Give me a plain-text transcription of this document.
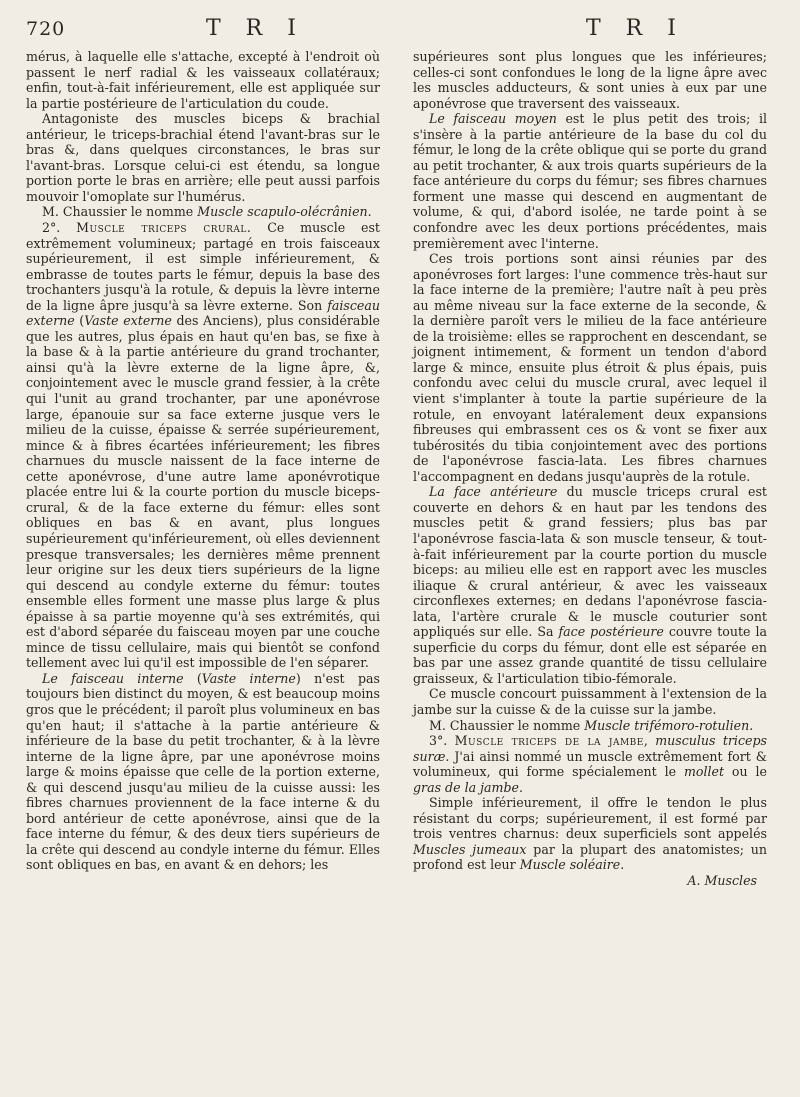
720	T R I	T R I

mérus, à laquelle elle s'attache, excepté à l'endroit où passent le nerf radial & les vaisseaux collatéraux; enfin, tout-à-fait inférieurement, elle est appliquée sur la partie postérieure de l'articulation du coude.

Antagoniste des muscles biceps & brachial antérieur, le triceps-brachial étend l'avant-bras sur le bras &, dans quelques circonstances, le bras sur l'avant-bras. Lorsque celui-ci est étendu, sa longue portion porte le bras en arrière; elle peut aussi parfois mouvoir l'omoplate sur l'humérus.

M. Chaussier le nomme Muscle scapulo-olécrânien.

2°. Muscle triceps crural. Ce muscle est extrêmement volumineux; partagé en trois faisceaux supérieurement, il est simple inférieurement, & embrasse de toutes parts le fémur, depuis la base des trochanters jusqu'à la rotule, & depuis la lèvre interne de la ligne âpre jusqu'à sa lèvre externe. Son faisceau externe (Vaste externe des Anciens), plus considérable que les autres, plus épais en haut qu'en bas, se fixe à la base & à la partie antérieure du grand trochanter, ainsi qu'à la lèvre externe de la ligne âpre, &, conjointement avec le muscle grand fessier, à la crête qui l'unit au grand trochanter, par une aponévrose large, épanouie sur sa face externe jusque vers le milieu de la cuisse, épaisse & serrée supérieurement, mince & à fibres écartées inférieurement; les fibres charnues du muscle naissent de la face interne de cette aponévrose, d'une autre lame aponévrotique placée entre lui & la courte portion du muscle biceps-crural, & de la face externe du fémur: elles sont obliques en bas & en avant, plus longues supérieurement qu'inférieurement, où elles deviennent presque transversales; les dernières même prennent leur origine sur les deux tiers supérieurs de la ligne qui descend au condyle externe du fémur: toutes ensemble elles forment une masse plus large & plus épaisse à sa partie moyenne qu'à ses extrémités, qui est d'abord séparée du faisceau moyen par une couche mince de tissu cellulaire, mais qui bientôt se confond tellement avec lui qu'il est impossible de l'en séparer.

Le faisceau interne (Vaste interne) n'est pas toujours bien distinct du moyen, & est beaucoup moins gros que le précédent; il paroît plus volumineux en bas qu'en haut; il s'attache à la partie antérieure & inférieure de la base du petit trochanter, & à la lèvre interne de la ligne âpre, par une aponévrose moins large & moins épaisse que celle de la portion externe, & qui descend jusqu'au milieu de la cuisse aussi: les fibres charnues proviennent de la face interne & du bord antérieur de cette aponévrose, ainsi que de la face interne du fémur, & des deux tiers supérieurs de la crête qui descend au condyle interne du fémur. Elles sont obliques en bas, en avant & en dehors; les

supérieures sont plus longues que les inférieures; celles-ci sont confondues le long de la ligne âpre avec les muscles adducteurs, & sont unies à eux par une aponévrose que traversent des vaisseaux.

Le faisceau moyen est le plus petit des trois; il s'insère à la partie antérieure de la base du col du fémur, le long de la crête oblique qui se porte du grand au petit trochanter, & aux trois quarts supérieurs de la face antérieure du corps du fémur; ses fibres charnues forment une masse qui descend en augmentant de volume, & qui, d'abord isolée, ne tarde point à se confondre avec les deux portions précédentes, mais premièrement avec l'interne.

Ces trois portions sont ainsi réunies par des aponévroses fort larges: l'une commence très-haut sur la face interne de la première; l'autre naît à peu près au même niveau sur la face externe de la seconde, & la dernière paroît vers le milieu de la face antérieure de la troisième: elles se rapprochent en descendant, se joignent intimement, & forment un tendon d'abord large & mince, ensuite plus étroit & plus épais, puis confondu avec celui du muscle crural, avec lequel il vient s'implanter à toute la partie supérieure de la rotule, en envoyant latéralement deux expansions fibreuses qui embrassent ces os & vont se fixer aux tubérosités du tibia conjointement avec des portions de l'aponévrose fascia-lata. Les fibres charnues l'accompagnent en dedans jusqu'auprès de la rotule.

La face antérieure du muscle triceps crural est couverte en dehors & en haut par les tendons des muscles petit & grand fessiers; plus bas par l'aponévrose fascia-lata & son muscle tenseur, & tout-à-fait inférieurement par la courte portion du muscle biceps: au milieu elle est en rapport avec les muscles iliaque & crural antérieur, & avec les vaisseaux circonflexes externes; en dedans l'aponévrose fascia-lata, l'artère crurale & le muscle couturier sont appliqués sur elle. Sa face postérieure couvre toute la superficie du corps du fémur, dont elle est séparée en bas par une assez grande quantité de tissu cellulaire graisseux, & l'articulation tibio-fémorale.

Ce muscle concourt puissamment à l'extension de la jambe sur la cuisse & de la cuisse sur la jambe.

M. Chaussier le nomme Muscle trifémoro-rotulien.

3°. Muscle triceps de la jambe, musculus triceps suræ. J'ai ainsi nommé un muscle extrêmement fort & volumineux, qui forme spécialement le mollet ou le gras de la jambe.

Simple inférieurement, il offre le tendon le plus résistant du corps; supérieurement, il est formé par trois ventres charnus: deux superficiels sont appelés Muscles jumeaux par la plupart des anatomistes; un profond est leur Muscle soléaire.

A. Muscles
